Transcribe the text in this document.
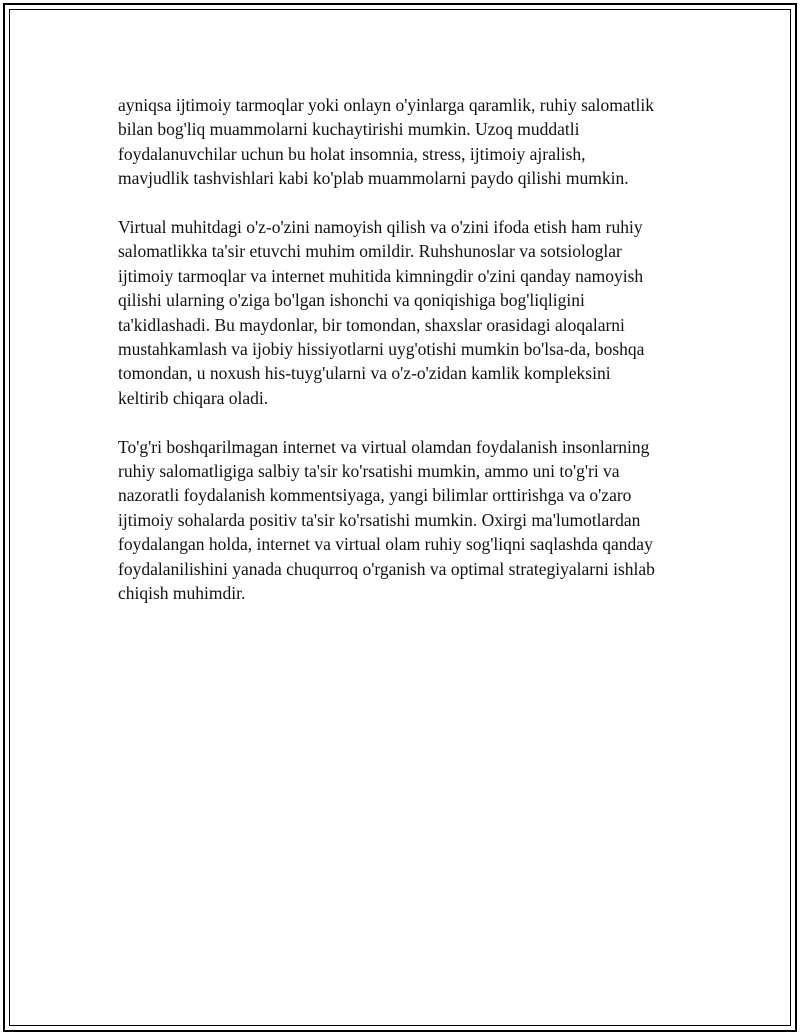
ayniqsa ijtimoiy tarmoqlar yoki onlayn o'yinlarga qaramlik, ruhiy salomatlik
bilan bog'liq muammolarni kuchaytirishi mumkin. Uzoq muddatli
foydalanuvchilar uchun bu holat insomnia, stress, ijtimoiy ajralish,
mavjudlik tashvishlari kabi ko'plab muammolarni paydo qilishi mumkin.

Virtual muhitdagi o'z-o'zini namoyish qilish va o'zini ifoda etish ham ruhiy
salomatlikka ta'sir etuvchi muhim omildir. Ruhshunoslar va sotsiologlar
ijtimoiy tarmoqlar va internet muhitida kimningdir o'zini qanday namoyish
qilishi ularning o'ziga bo'lgan ishonchi va qoniqishiga bog'liqligini
ta'kidlashadi. Bu maydonlar, bir tomondan, shaxslar orasidagi aloqalarni
mustahkamlash va ijobiy hissiyotlarni uyg'otishi mumkin bo'lsa-da, boshqa
tomondan, u noxush his-tuyg'ularni va o'z-o'zidan kamlik kompleksini
keltirib chiqara oladi.

To'g'ri boshqarilmagan internet va virtual olamdan foydalanish insonlarning
ruhiy salomatligiga salbiy ta'sir ko'rsatishi mumkin, ammo uni to'g'ri va
nazoratli foydalanish kommentsiyaga, yangi bilimlar orttirishga va o'zaro
ijtimoiy sohalarda positiv ta'sir ko'rsatishi mumkin. Oxirgi ma'lumotlardan
foydalangan holda, internet va virtual olam ruhiy sog'liqni saqlashda qanday
foydalanilishini yanada chuqurroq o'rganish va optimal strategiyalarni ishlab
chiqish muhimdir.
